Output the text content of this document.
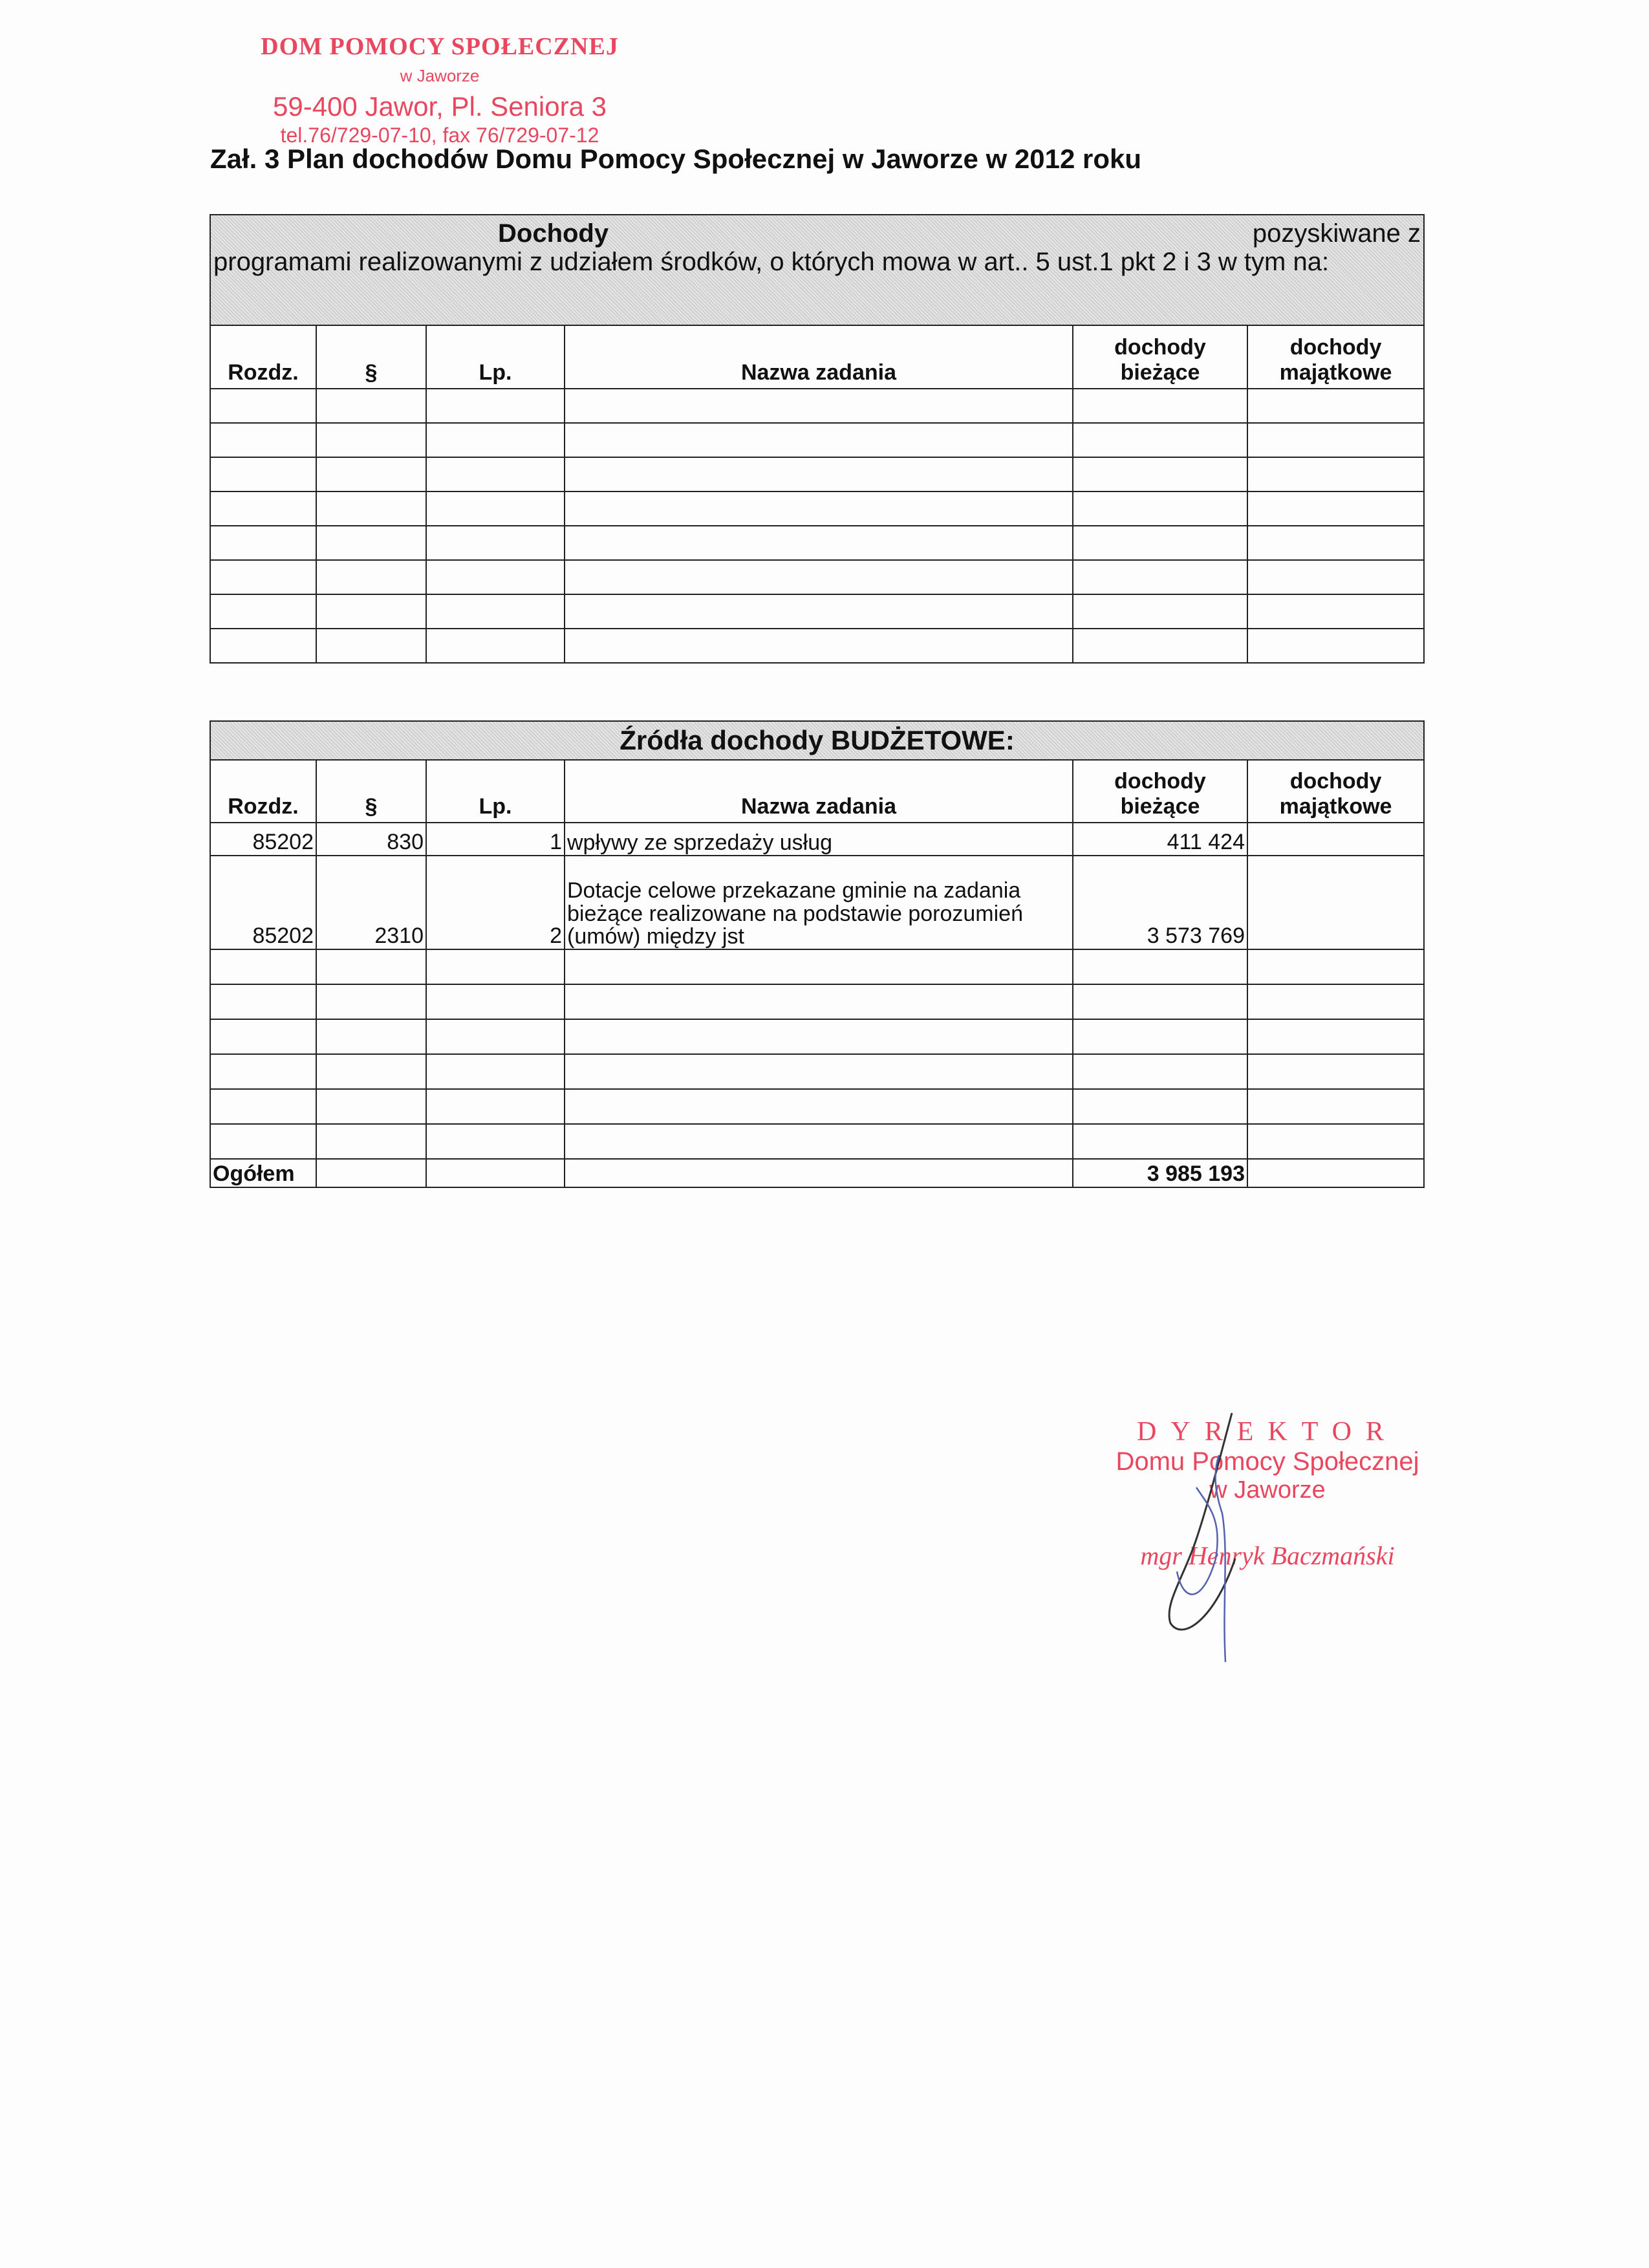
DOM POMOCY SPOŁECZNEJ
w Jaworze
59-400 Jawor, Pl. Seniora 3
tel.76/729-07-10, fax 76/729-07-12
Zał. 3 Plan dochodów Domu Pomocy Społecznej w Jaworze w 2012 roku
Dochody pozyskiwane z
programami realizowanymi z udziałem środków, o których mowa w art.. 5 ust.1 pkt 2 i 3 w tym na:					

Rozdz.	§	Lp.	Nazwa zadania	dochody bieżące	dochody majątkowe

Źródła dochody BUDŻETOWE:					
Rozdz.	§	Lp.	Nazwa zadania	dochody bieżące	dochody majątkowe
85202	830	1	wpływy ze sprzedaży usług	411 424	
85202	2310	2	Dotacje celowe przekazane gminie na zadania bieżące realizowane na podstawie porozumień (umów) między jst	3 573 769	

Ogółem				3 985 193	
DYREKTOR
Domu Pomocy Społecznej
w Jaworze
mgr Henryk Baczmański
